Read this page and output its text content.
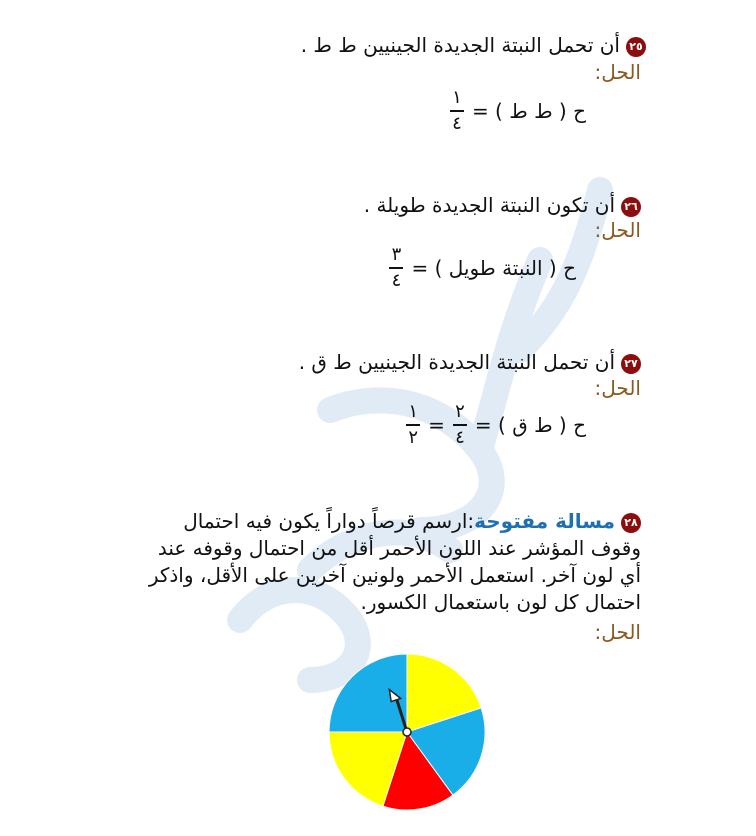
٢٥أن تحمل النبتة الجديدة الجينيين ط ط .
الحل:
ح ( ط ط ) =
$\frac{١}{٤}$
٢٦أن تكون النبتة الجديدة طويلة .
الحل:
ح ( النبتة طويل ) =
$\frac{٣}{٤}$
٢٧أن تحمل النبتة الجديدة الجينيين ط ق .
الحل:
ح ( ط ق ) =
$\frac{٢}{٤}$
=
$\frac{١}{٢}$
٢٨مسالة مفتوحة:ارسم قرصاً دواراً يكون فيه احتمال وقوف المؤشر عند اللون الأحمر أقل من احتمال وقوفه عند أي لون آخر. استعمل الأحمر ولونين آخرين على الأقل، واذكر احتمال كل لون باستعمال الكسور.
الحل:
